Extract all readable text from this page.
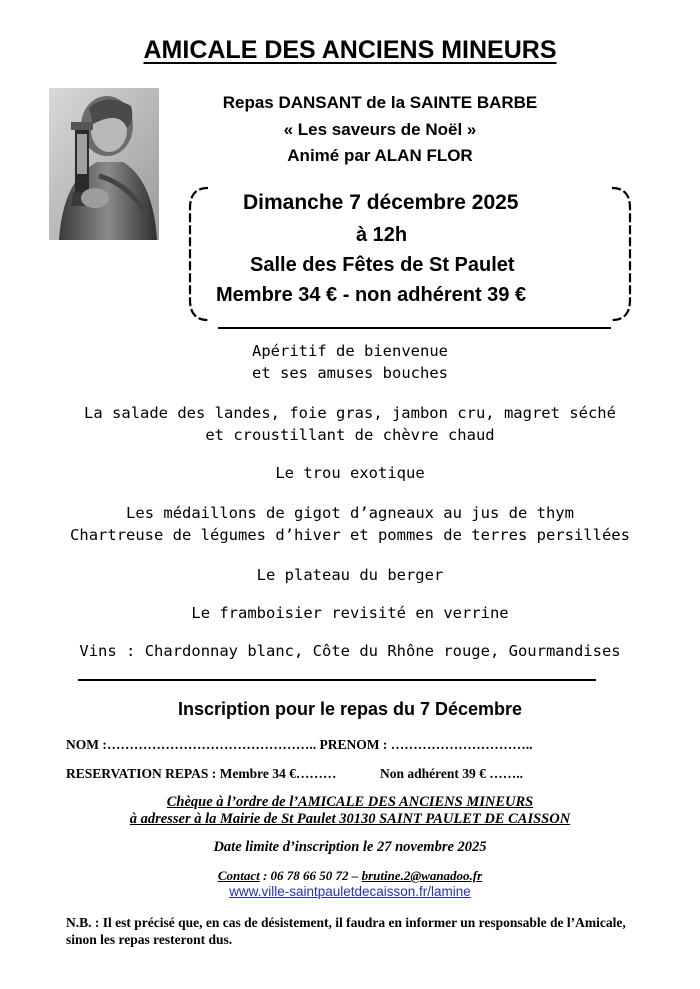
AMICALE DES ANCIENS MINEURS
Repas DANSANT de la SAINTE BARBE
« Les saveurs de Noël »
Animé par ALAN FLOR
Dimanche 7 décembre 2025
à 12h
Salle des Fêtes de St Paulet
Membre 34 € - non adhérent 39 €
Apéritif de bienvenue
et ses amuses bouches
La salade des landes, foie gras, jambon cru, magret séché
et croustillant de chèvre chaud
Le trou exotique
Les médaillons de gigot d’agneaux au jus de thym
Chartreuse de légumes d’hiver et pommes de terres persillées
Le plateau du berger
Le framboisier revisité en verrine
Vins : Chardonnay blanc, Côte du Rhône rouge, Gourmandises
Inscription pour le repas du 7 Décembre
NOM :……………………………………….. PRENOM : …………………………..
RESERVATION REPAS : Membre 34 €………	Non adhérent 39 € ……..
Chèque à l’ordre de l’AMICALE DES ANCIENS MINEURS
à adresser à la Mairie de St Paulet 30130 SAINT PAULET DE CAISSON
Date limite d’inscription le 27 novembre 2025
Contact : 06 78 66 50 72 – brutine.2@wanadoo.fr
www.ville-saintpauletdecaisson.fr/lamine
N.B. : Il est précisé que, en cas de désistement, il faudra en informer un responsable de l’Amicale, sinon les repas resteront dus.
